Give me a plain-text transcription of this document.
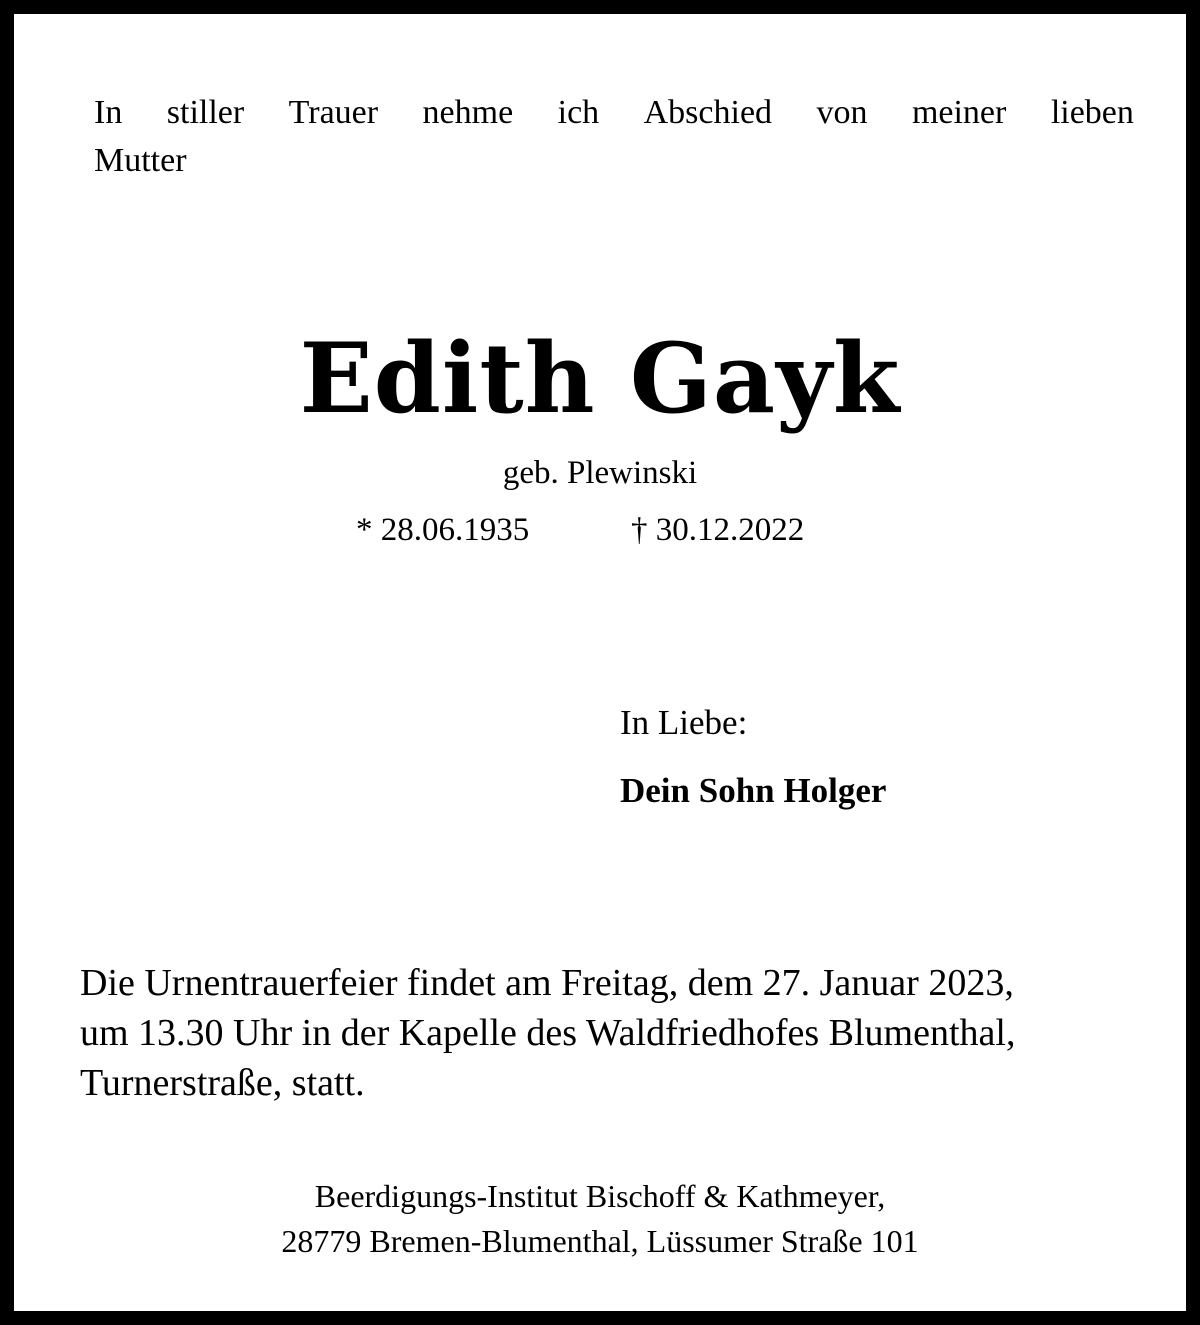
In stiller Trauer nehme ich Abschied von meiner lieben

Mutter

Edith Gayk

geb. Plewinski

* 28.06.1935	† 30.12.2022

In Liebe:

Dein Sohn Holger

Die Urnentrauerfeier findet am Freitag, dem 27. Januar 2023,

um 13.30 Uhr in der Kapelle des Waldfriedhofes Blumenthal,

Turnerstraße, statt.

Beerdigungs-Institut Bischoff & Kathmeyer,

28779 Bremen-Blumenthal, Lüssumer Straße 101
